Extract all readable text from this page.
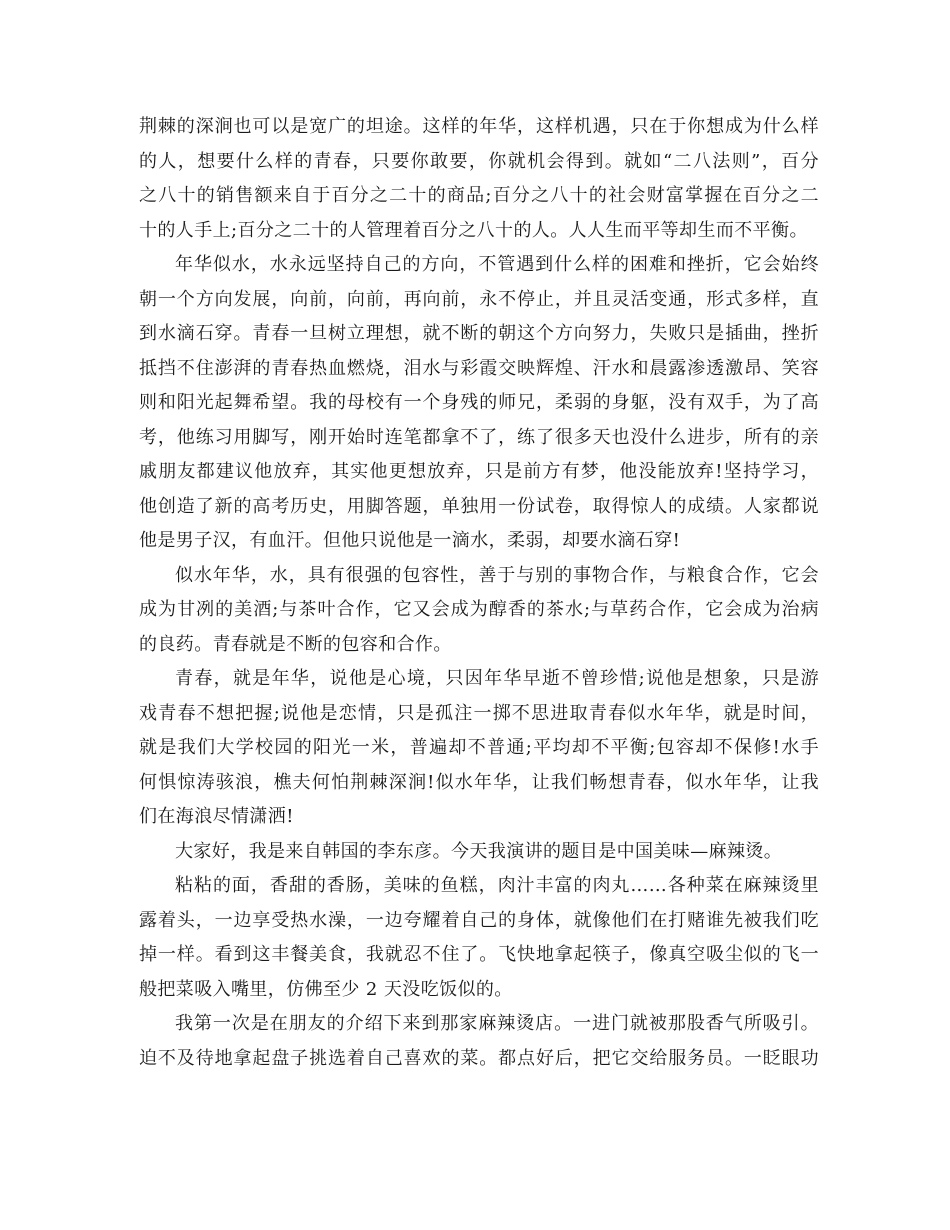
荆棘的深涧也可以是宽广的坦途。这样的年华，这样机遇，只在于你想成为什么样
的人，想要什么样的青春，只要你敢要，你就机会得到。就如“二八法则”，百分
之八十的销售额来自于百分之二十的商品;百分之八十的社会财富掌握在百分之二
十的人手上;百分之二十的人管理着百分之八十的人。人人生而平等却生而不平衡。
年华似水，水永远坚持自己的方向，不管遇到什么样的困难和挫折，它会始终
朝一个方向发展，向前，向前，再向前，永不停止，并且灵活变通，形式多样，直
到水滴石穿。青春一旦树立理想，就不断的朝这个方向努力，失败只是插曲，挫折
抵挡不住澎湃的青春热血燃烧，泪水与彩霞交映辉煌、汗水和晨露渗透激昂、笑容
则和阳光起舞希望。我的母校有一个身残的师兄，柔弱的身躯，没有双手，为了高
考，他练习用脚写，刚开始时连笔都拿不了，练了很多天也没什么进步，所有的亲
戚朋友都建议他放弃，其实他更想放弃，只是前方有梦，他没能放弃!坚持学习，
他创造了新的高考历史，用脚答题，单独用一份试卷，取得惊人的成绩。人家都说
他是男子汉，有血汗。但他只说他是一滴水，柔弱，却要水滴石穿!
似水年华，水，具有很强的包容性，善于与别的事物合作，与粮食合作，它会
成为甘冽的美酒;与茶叶合作，它又会成为醇香的茶水;与草药合作，它会成为治病
的良药。青春就是不断的包容和合作。
青春，就是年华，说他是心境，只因年华早逝不曾珍惜;说他是想象，只是游
戏青春不想把握;说他是恋情，只是孤注一掷不思进取青春似水年华，就是时间，
就是我们大学校园的阳光一米，普遍却不普通;平均却不平衡;包容却不保修!水手
何惧惊涛骇浪，樵夫何怕荆棘深涧!似水年华，让我们畅想青春，似水年华，让我
们在海浪尽情潇洒!
大家好，我是来自韩国的李东彦。今天我演讲的题目是中国美味—麻辣烫。
粘粘的面，香甜的香肠，美味的鱼糕，肉汁丰富的肉丸……各种菜在麻辣烫里
露着头，一边享受热水澡，一边夸耀着自己的身体，就像他们在打赌谁先被我们吃
掉一样。看到这丰餐美食，我就忍不住了。飞快地拿起筷子，像真空吸尘似的飞一
般把菜吸入嘴里，仿佛至少 2 天没吃饭似的。
我第一次是在朋友的介绍下来到那家麻辣烫店。一进门就被那股香气所吸引。
迫不及待地拿起盘子挑选着自己喜欢的菜。都点好后，把它交给服务员。一眨眼功
